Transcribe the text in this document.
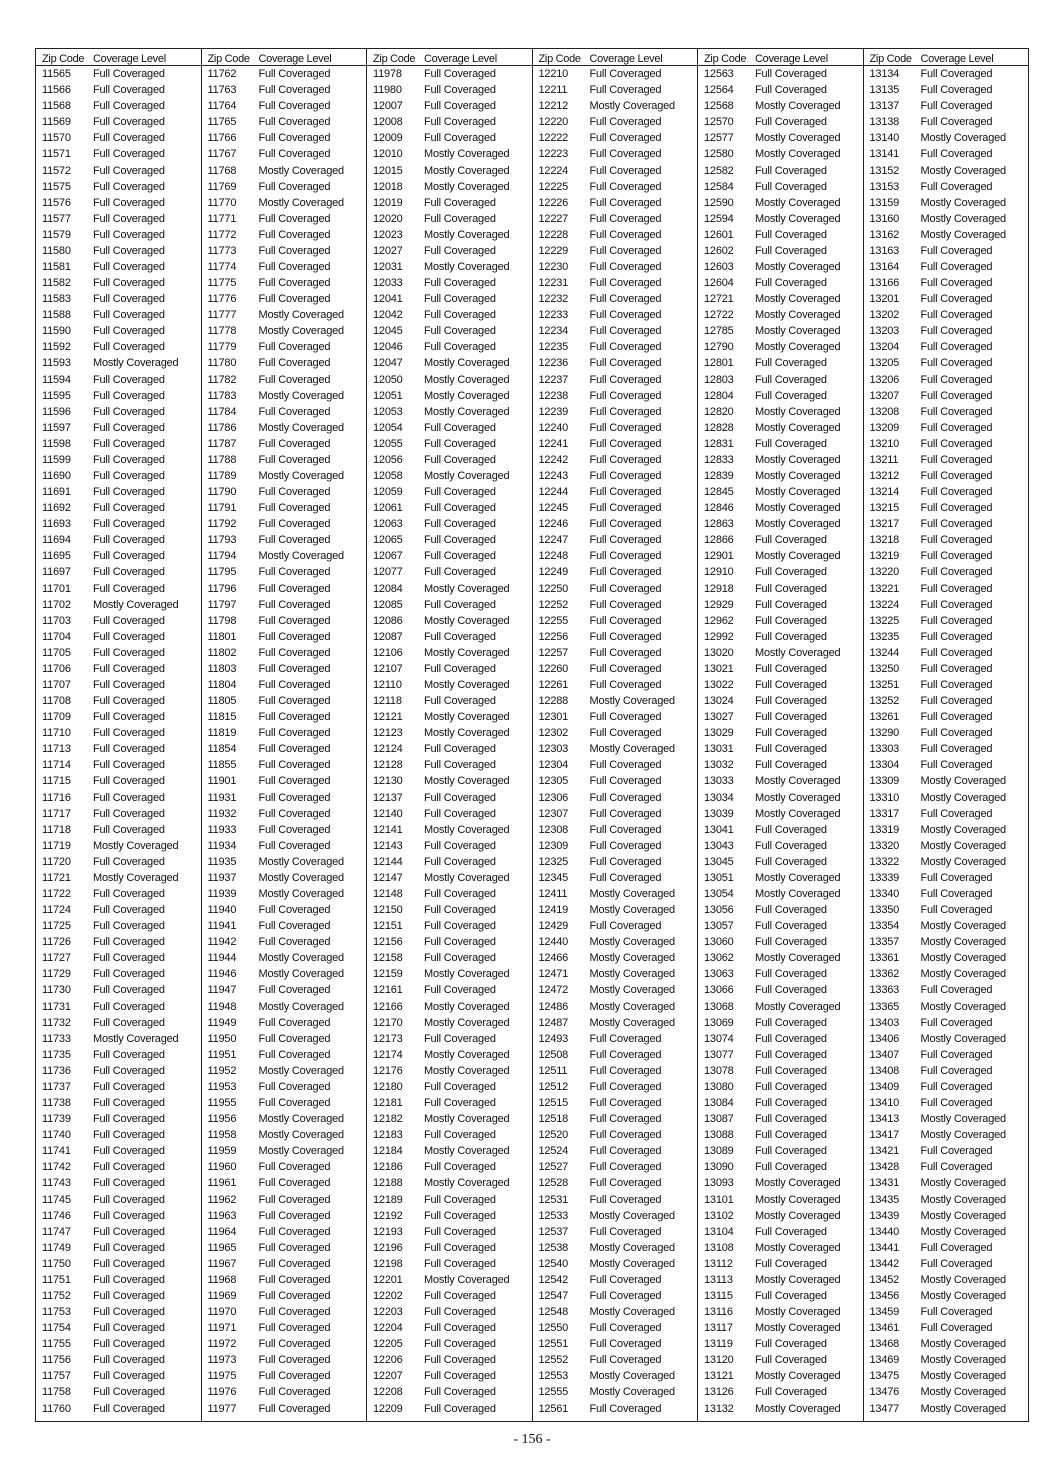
Zip Code Coverage Level
11565	Full Coveraged
11566	Full Coveraged
11568	Full Coveraged
11569	Full Coveraged
11570	Full Coveraged
11571	Full Coveraged
11572	Full Coveraged
11575	Full Coveraged
11576	Full Coveraged
11577	Full Coveraged
11579	Full Coveraged
11580	Full Coveraged
11581	Full Coveraged
11582	Full Coveraged
11583	Full Coveraged
11588	Full Coveraged
11590	Full Coveraged
11592	Full Coveraged
11593	Mostly Coveraged
11594	Full Coveraged
11595	Full Coveraged
11596	Full Coveraged
11597	Full Coveraged
11598	Full Coveraged
11599	Full Coveraged
11690	Full Coveraged
11691	Full Coveraged
11692	Full Coveraged
11693	Full Coveraged
11694	Full Coveraged
11695	Full Coveraged
11697	Full Coveraged
11701	Full Coveraged
11702	Mostly Coveraged
11703	Full Coveraged
11704	Full Coveraged
11705	Full Coveraged
11706	Full Coveraged
11707	Full Coveraged
11708	Full Coveraged
11709	Full Coveraged
11710	Full Coveraged
11713	Full Coveraged
11714	Full Coveraged
11715	Full Coveraged
11716	Full Coveraged
11717	Full Coveraged
11718	Full Coveraged
11719	Mostly Coveraged
11720	Full Coveraged
11721	Mostly Coveraged
11722	Full Coveraged
11724	Full Coveraged
11725	Full Coveraged
11726	Full Coveraged
11727	Full Coveraged
11729	Full Coveraged
11730	Full Coveraged
11731	Full Coveraged
11732	Full Coveraged
11733	Mostly Coveraged
11735	Full Coveraged
11736	Full Coveraged
11737	Full Coveraged
11738	Full Coveraged
11739	Full Coveraged
11740	Full Coveraged
11741	Full Coveraged
11742	Full Coveraged
11743	Full Coveraged
11745	Full Coveraged
11746	Full Coveraged
11747	Full Coveraged
11749	Full Coveraged
11750	Full Coveraged
11751	Full Coveraged
11752	Full Coveraged
11753	Full Coveraged
11754	Full Coveraged
11755	Full Coveraged
11756	Full Coveraged
11757	Full Coveraged
11758	Full Coveraged
11760	Full Coveraged
Zip Code Coverage Level
11762	Full Coveraged
11763	Full Coveraged
11764	Full Coveraged
11765	Full Coveraged
11766	Full Coveraged
11767	Full Coveraged
11768	Mostly Coveraged
11769	Full Coveraged
11770	Mostly Coveraged
11771	Full Coveraged
11772	Full Coveraged
11773	Full Coveraged
11774	Full Coveraged
11775	Full Coveraged
11776	Full Coveraged
11777	Mostly Coveraged
11778	Mostly Coveraged
11779	Full Coveraged
11780	Full Coveraged
11782	Full Coveraged
11783	Mostly Coveraged
11784	Full Coveraged
11786	Mostly Coveraged
11787	Full Coveraged
11788	Full Coveraged
11789	Mostly Coveraged
11790	Full Coveraged
11791	Full Coveraged
11792	Full Coveraged
11793	Full Coveraged
11794	Mostly Coveraged
11795	Full Coveraged
11796	Full Coveraged
11797	Full Coveraged
11798	Full Coveraged
11801	Full Coveraged
11802	Full Coveraged
11803	Full Coveraged
11804	Full Coveraged
11805	Full Coveraged
11815	Full Coveraged
11819	Full Coveraged
11854	Full Coveraged
11855	Full Coveraged
11901	Full Coveraged
11931	Full Coveraged
11932	Full Coveraged
11933	Full Coveraged
11934	Full Coveraged
11935	Mostly Coveraged
11937	Mostly Coveraged
11939	Mostly Coveraged
11940	Full Coveraged
11941	Full Coveraged
11942	Full Coveraged
11944	Mostly Coveraged
11946	Mostly Coveraged
11947	Full Coveraged
11948	Mostly Coveraged
11949	Full Coveraged
11950	Full Coveraged
11951	Full Coveraged
11952	Mostly Coveraged
11953	Full Coveraged
11955	Full Coveraged
11956	Mostly Coveraged
11958	Mostly Coveraged
11959	Mostly Coveraged
11960	Full Coveraged
11961	Full Coveraged
11962	Full Coveraged
11963	Full Coveraged
11964	Full Coveraged
11965	Full Coveraged
11967	Full Coveraged
11968	Full Coveraged
11969	Full Coveraged
11970	Full Coveraged
11971	Full Coveraged
11972	Full Coveraged
11973	Full Coveraged
11975	Full Coveraged
11976	Full Coveraged
11977	Full Coveraged
Zip Code Coverage Level
11978	Full Coveraged
11980	Full Coveraged
12007	Full Coveraged
12008	Full Coveraged
12009	Full Coveraged
12010	Mostly Coveraged
12015	Mostly Coveraged
12018	Mostly Coveraged
12019	Full Coveraged
12020	Full Coveraged
12023	Mostly Coveraged
12027	Full Coveraged
12031	Mostly Coveraged
12033	Full Coveraged
12041	Full Coveraged
12042	Full Coveraged
12045	Full Coveraged
12046	Full Coveraged
12047	Mostly Coveraged
12050	Mostly Coveraged
12051	Mostly Coveraged
12053	Mostly Coveraged
12054	Full Coveraged
12055	Full Coveraged
12056	Full Coveraged
12058	Mostly Coveraged
12059	Full Coveraged
12061	Full Coveraged
12063	Full Coveraged
12065	Full Coveraged
12067	Full Coveraged
12077	Full Coveraged
12084	Mostly Coveraged
12085	Full Coveraged
12086	Mostly Coveraged
12087	Full Coveraged
12106	Mostly Coveraged
12107	Full Coveraged
12110	Mostly Coveraged
12118	Full Coveraged
12121	Mostly Coveraged
12123	Mostly Coveraged
12124	Full Coveraged
12128	Full Coveraged
12130	Mostly Coveraged
12137	Full Coveraged
12140	Full Coveraged
12141	Mostly Coveraged
12143	Full Coveraged
12144	Full Coveraged
12147	Mostly Coveraged
12148	Full Coveraged
12150	Full Coveraged
12151	Full Coveraged
12156	Full Coveraged
12158	Full Coveraged
12159	Mostly Coveraged
12161	Full Coveraged
12166	Mostly Coveraged
12170	Mostly Coveraged
12173	Full Coveraged
12174	Mostly Coveraged
12176	Mostly Coveraged
12180	Full Coveraged
12181	Full Coveraged
12182	Mostly Coveraged
12183	Full Coveraged
12184	Mostly Coveraged
12186	Full Coveraged
12188	Mostly Coveraged
12189	Full Coveraged
12192	Full Coveraged
12193	Full Coveraged
12196	Full Coveraged
12198	Full Coveraged
12201	Mostly Coveraged
12202	Full Coveraged
12203	Full Coveraged
12204	Full Coveraged
12205	Full Coveraged
12206	Full Coveraged
12207	Full Coveraged
12208	Full Coveraged
12209	Full Coveraged
Zip Code Coverage Level
12210	Full Coveraged
12211	Full Coveraged
12212	Mostly Coveraged
12220	Full Coveraged
12222	Full Coveraged
12223	Full Coveraged
12224	Full Coveraged
12225	Full Coveraged
12226	Full Coveraged
12227	Full Coveraged
12228	Full Coveraged
12229	Full Coveraged
12230	Full Coveraged
12231	Full Coveraged
12232	Full Coveraged
12233	Full Coveraged
12234	Full Coveraged
12235	Full Coveraged
12236	Full Coveraged
12237	Full Coveraged
12238	Full Coveraged
12239	Full Coveraged
12240	Full Coveraged
12241	Full Coveraged
12242	Full Coveraged
12243	Full Coveraged
12244	Full Coveraged
12245	Full Coveraged
12246	Full Coveraged
12247	Full Coveraged
12248	Full Coveraged
12249	Full Coveraged
12250	Full Coveraged
12252	Full Coveraged
12255	Full Coveraged
12256	Full Coveraged
12257	Full Coveraged
12260	Full Coveraged
12261	Full Coveraged
12288	Mostly Coveraged
12301	Full Coveraged
12302	Full Coveraged
12303	Mostly Coveraged
12304	Full Coveraged
12305	Full Coveraged
12306	Full Coveraged
12307	Full Coveraged
12308	Full Coveraged
12309	Full Coveraged
12325	Full Coveraged
12345	Full Coveraged
12411	Mostly Coveraged
12419	Mostly Coveraged
12429	Full Coveraged
12440	Mostly Coveraged
12466	Mostly Coveraged
12471	Mostly Coveraged
12472	Mostly Coveraged
12486	Mostly Coveraged
12487	Mostly Coveraged
12493	Full Coveraged
12508	Full Coveraged
12511	Full Coveraged
12512	Full Coveraged
12515	Full Coveraged
12518	Full Coveraged
12520	Full Coveraged
12524	Full Coveraged
12527	Full Coveraged
12528	Full Coveraged
12531	Full Coveraged
12533	Mostly Coveraged
12537	Full Coveraged
12538	Mostly Coveraged
12540	Mostly Coveraged
12542	Full Coveraged
12547	Full Coveraged
12548	Mostly Coveraged
12550	Full Coveraged
12551	Full Coveraged
12552	Full Coveraged
12553	Mostly Coveraged
12555	Mostly Coveraged
12561	Full Coveraged
Zip Code Coverage Level
12563	Full Coveraged
12564	Full Coveraged
12568	Mostly Coveraged
12570	Full Coveraged
12577	Mostly Coveraged
12580	Mostly Coveraged
12582	Full Coveraged
12584	Full Coveraged
12590	Mostly Coveraged
12594	Mostly Coveraged
12601	Full Coveraged
12602	Full Coveraged
12603	Mostly Coveraged
12604	Full Coveraged
12721	Mostly Coveraged
12722	Mostly Coveraged
12785	Mostly Coveraged
12790	Mostly Coveraged
12801	Full Coveraged
12803	Full Coveraged
12804	Full Coveraged
12820	Mostly Coveraged
12828	Mostly Coveraged
12831	Full Coveraged
12833	Mostly Coveraged
12839	Mostly Coveraged
12845	Mostly Coveraged
12846	Mostly Coveraged
12863	Mostly Coveraged
12866	Full Coveraged
12901	Mostly Coveraged
12910	Full Coveraged
12918	Full Coveraged
12929	Full Coveraged
12962	Full Coveraged
12992	Full Coveraged
13020	Mostly Coveraged
13021	Full Coveraged
13022	Full Coveraged
13024	Full Coveraged
13027	Full Coveraged
13029	Full Coveraged
13031	Full Coveraged
13032	Full Coveraged
13033	Mostly Coveraged
13034	Mostly Coveraged
13039	Mostly Coveraged
13041	Full Coveraged
13043	Full Coveraged
13045	Full Coveraged
13051	Mostly Coveraged
13054	Mostly Coveraged
13056	Full Coveraged
13057	Full Coveraged
13060	Full Coveraged
13062	Mostly Coveraged
13063	Full Coveraged
13066	Full Coveraged
13068	Mostly Coveraged
13069	Full Coveraged
13074	Full Coveraged
13077	Full Coveraged
13078	Full Coveraged
13080	Full Coveraged
13084	Full Coveraged
13087	Full Coveraged
13088	Full Coveraged
13089	Full Coveraged
13090	Full Coveraged
13093	Mostly Coveraged
13101	Mostly Coveraged
13102	Mostly Coveraged
13104	Full Coveraged
13108	Mostly Coveraged
13112	Full Coveraged
13113	Mostly Coveraged
13115	Full Coveraged
13116	Mostly Coveraged
13117	Mostly Coveraged
13119	Full Coveraged
13120	Full Coveraged
13121	Mostly Coveraged
13126	Full Coveraged
13132	Mostly Coveraged
Zip Code Coverage Level
13134	Full Coveraged
13135	Full Coveraged
13137	Full Coveraged
13138	Full Coveraged
13140	Mostly Coveraged
13141	Full Coveraged
13152	Mostly Coveraged
13153	Full Coveraged
13159	Mostly Coveraged
13160	Mostly Coveraged
13162	Mostly Coveraged
13163	Full Coveraged
13164	Full Coveraged
13166	Full Coveraged
13201	Full Coveraged
13202	Full Coveraged
13203	Full Coveraged
13204	Full Coveraged
13205	Full Coveraged
13206	Full Coveraged
13207	Full Coveraged
13208	Full Coveraged
13209	Full Coveraged
13210	Full Coveraged
13211	Full Coveraged
13212	Full Coveraged
13214	Full Coveraged
13215	Full Coveraged
13217	Full Coveraged
13218	Full Coveraged
13219	Full Coveraged
13220	Full Coveraged
13221	Full Coveraged
13224	Full Coveraged
13225	Full Coveraged
13235	Full Coveraged
13244	Full Coveraged
13250	Full Coveraged
13251	Full Coveraged
13252	Full Coveraged
13261	Full Coveraged
13290	Full Coveraged
13303	Full Coveraged
13304	Full Coveraged
13309	Mostly Coveraged
13310	Mostly Coveraged
13317	Full Coveraged
13319	Mostly Coveraged
13320	Mostly Coveraged
13322	Mostly Coveraged
13339	Full Coveraged
13340	Full Coveraged
13350	Full Coveraged
13354	Mostly Coveraged
13357	Mostly Coveraged
13361	Mostly Coveraged
13362	Mostly Coveraged
13363	Full Coveraged
13365	Mostly Coveraged
13403	Full Coveraged
13406	Mostly Coveraged
13407	Full Coveraged
13408	Full Coveraged
13409	Full Coveraged
13410	Full Coveraged
13413	Mostly Coveraged
13417	Mostly Coveraged
13421	Full Coveraged
13428	Full Coveraged
13431	Mostly Coveraged
13435	Mostly Coveraged
13439	Mostly Coveraged
13440	Mostly Coveraged
13441	Full Coveraged
13442	Full Coveraged
13452	Mostly Coveraged
13456	Mostly Coveraged
13459	Full Coveraged
13461	Full Coveraged
13468	Mostly Coveraged
13469	Mostly Coveraged
13475	Mostly Coveraged
13476	Mostly Coveraged
13477	Mostly Coveraged
- 156 -
